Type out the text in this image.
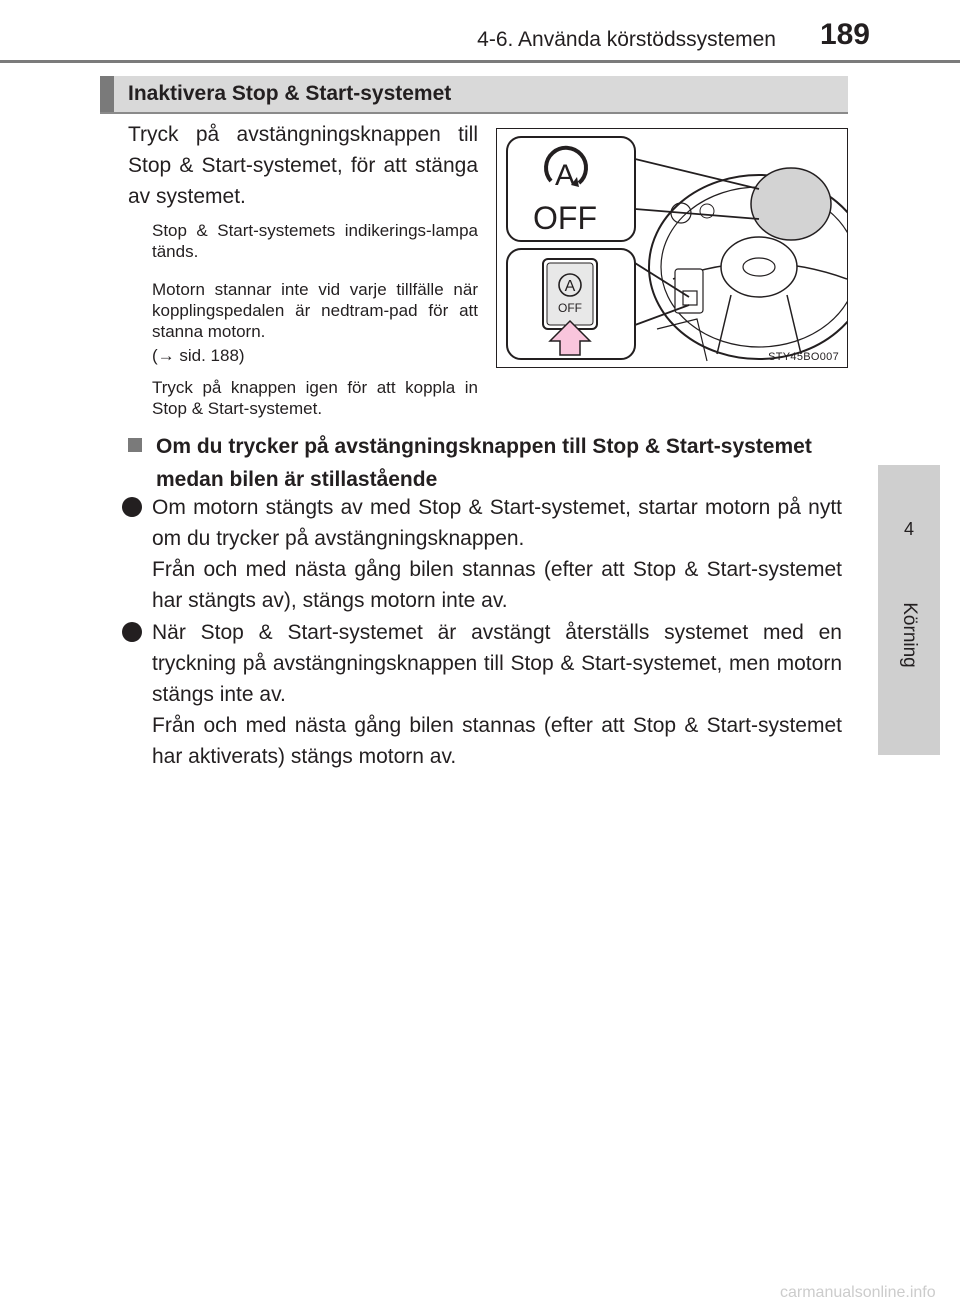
4-6. Använda körstödssystemen	189
4
Körning
Inaktivera Stop & Start-systemet

Tryck på avstängningsknappen till Stop & Start-systemet, för att stänga av systemet.

Stop & Start-systemets indikerings-lampa tänds.

Motorn stannar inte vid varje tillfälle när kopplingspedalen är nedtram-pad för att stanna motorn.

(→ sid. 188)

Tryck på knappen igen för att koppla in Stop & Start-systemet.

A
OFF
A
OFF
STY45BO007
Om du trycker på avstängningsknappen till Stop & Start-systemet medan bilen är stillastående

Om motorn stängts av med Stop & Start-systemet, startar motorn på nytt om du trycker på avstängningsknappen.

Från och med nästa gång bilen stannas (efter att Stop & Start-systemet har stängts av), stängs motorn inte av.

När Stop & Start-systemet är avstängt återställs systemet med en tryckning på avstängningsknappen till Stop & Start-systemet, men motorn stängs inte av.

Från och med nästa gång bilen stannas (efter att Stop & Start-systemet har aktiverats) stängs motorn av.

carmanualsonline.info
